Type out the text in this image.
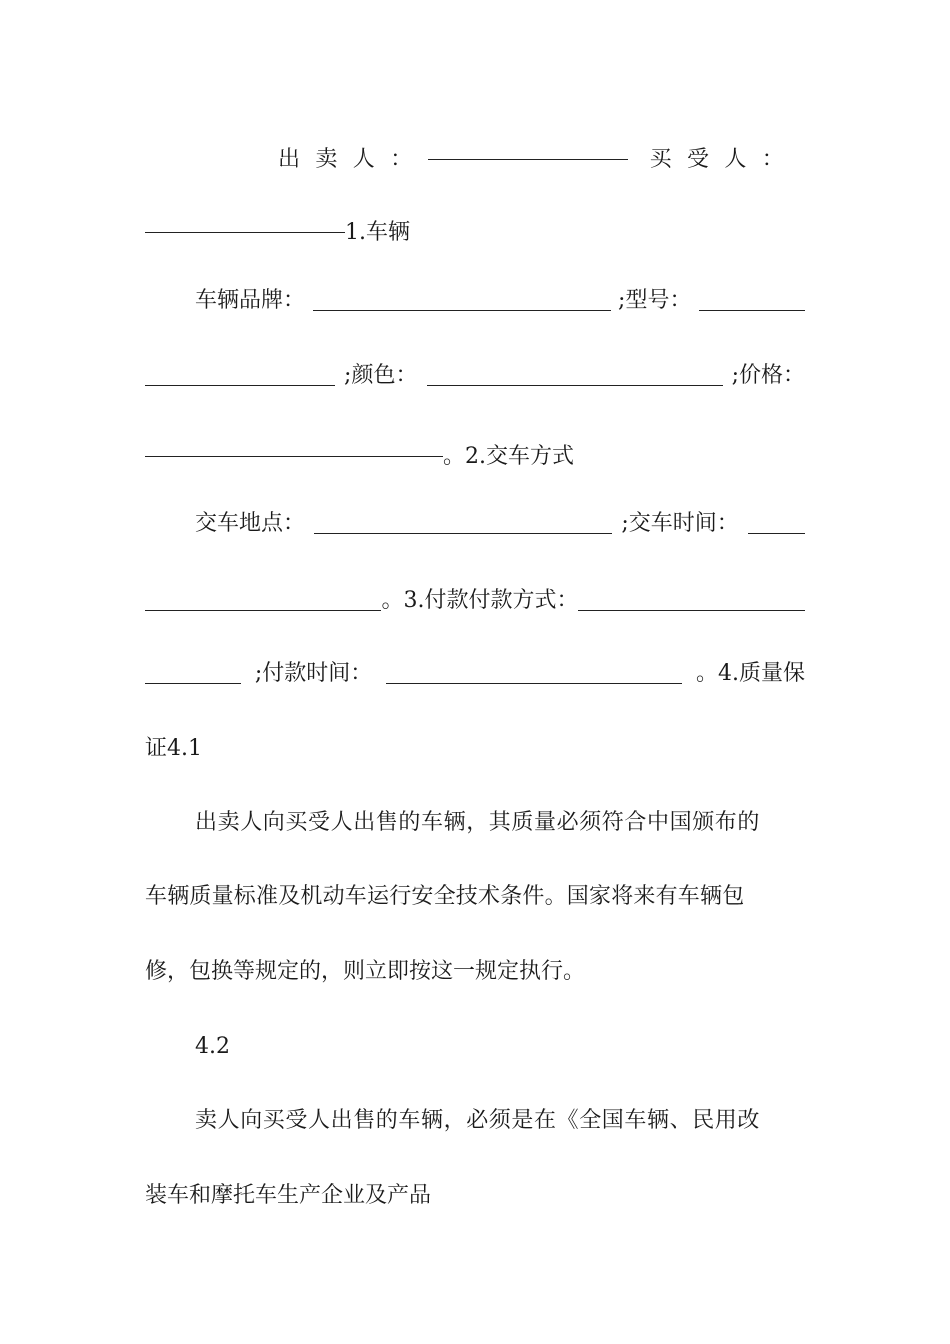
出卖人：	买受人：
1.车辆
车辆品牌：	;型号：
;颜色：	;价格：
。2.交车方式
交车地点：	;交车时间：
。3.付款付款方式：
;付款时间：	。4.质量保
证4.1
出卖人向买受人出售的车辆，其质量必须符合中国颁布的
车辆质量标准及机动车运行安全技术条件。国家将来有车辆包
修，包换等规定的，则立即按这一规定执行。
4.2
卖人向买受人出售的车辆，必须是在《全国车辆、民用改
装车和摩托车生产企业及产品
